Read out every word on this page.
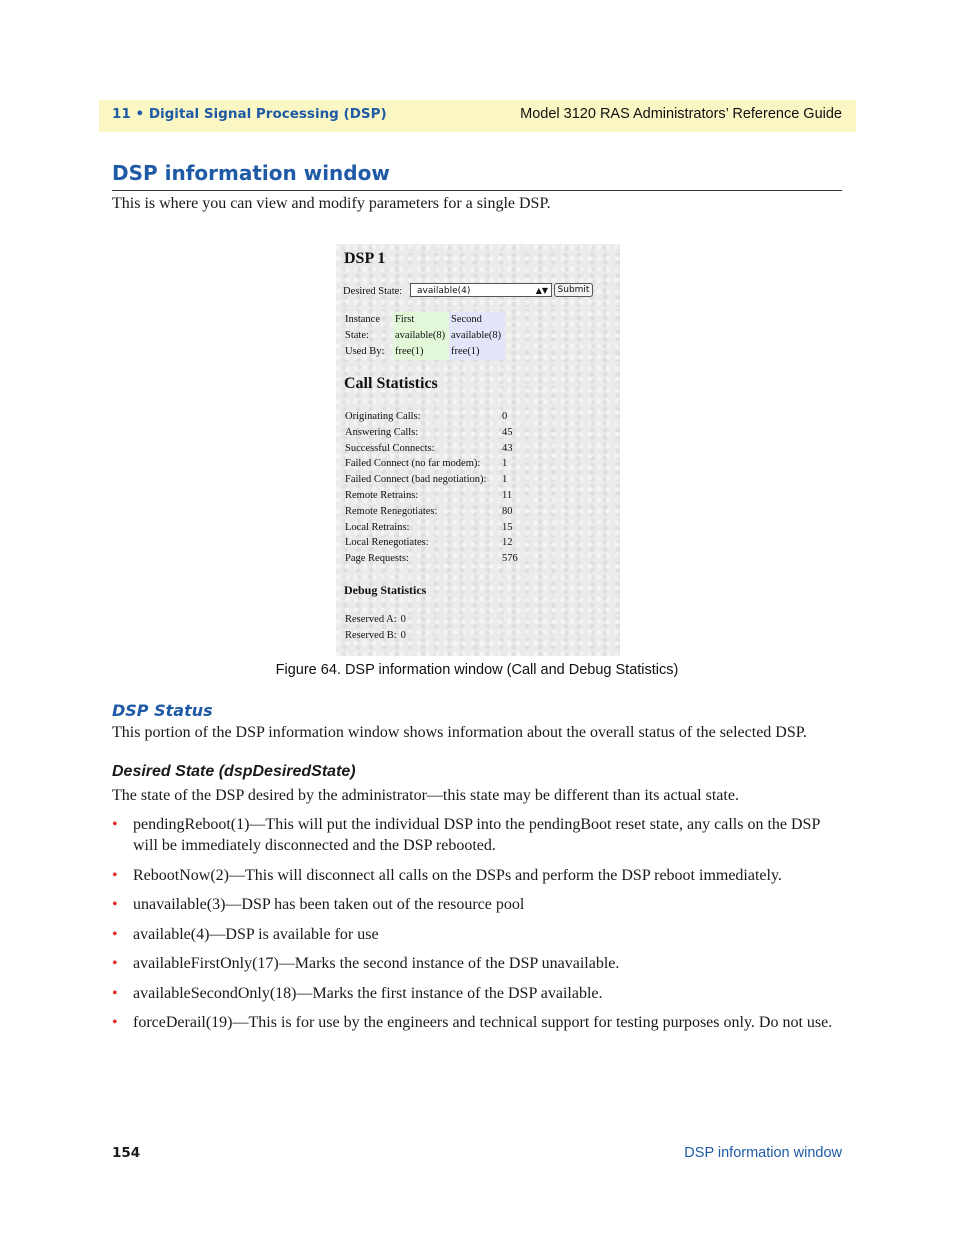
11 • Digital Signal Processing (DSP)	Model 3120 RAS Administrators’ Reference Guide
DSP information window

This is where you can view and modify parameters for a single DSP.

DSP 1
Desired State:	available(4)	▲▼	Submit
Instance	First	Second
State:	available(8)	available(8)
Used By:	free(1)	free(1)
Call Statistics
Originating Calls:	0
Answering Calls:	45
Successful Connects:	43
Failed Connect (no far modem):	1
Failed Connect (bad negotiation):	1
Remote Retrains:	11
Remote Renegotiates:	80
Local Retrains:	15
Local Renegotiates:	12
Page Requests:	576
Debug Statistics
Reserved A:	0
Reserved B:	0
Figure 64. DSP information window (Call and Debug Statistics)
DSP Status

This portion of the DSP information window shows information about the overall status of the selected DSP.

Desired State (dspDesiredState)

The state of the DSP desired by the administrator—this state may be different than its actual state.

• pendingReboot(1)—This will put the individual DSP into the pendingBoot reset state, any calls on the DSP will be immediately disconnected and the DSP rebooted.
• RebootNow(2)—This will disconnect all calls on the DSPs and perform the DSP reboot immediately.
• unavailable(3)—DSP has been taken out of the resource pool
• available(4)—DSP is available for use
• availableFirstOnly(17)—Marks the second instance of the DSP unavailable.
• availableSecondOnly(18)—Marks the first instance of the DSP available.
• forceDerail(19)—This is for use by the engineers and technical support for testing purposes only. Do not use.
154	DSP information window
